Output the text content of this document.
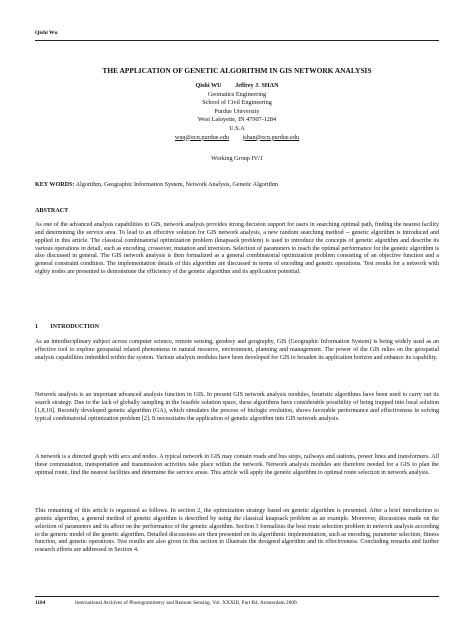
Qishi Wu
THE APPLICATION OF GENETIC ALGORITHM IN GIS NETWORK ANALYSIS
Qishi WU Jeffrey J. SHAN
Geomatics Engineering
School of Civil Engineering
Purdue University
West Lafayette, IN 47907-1284
U.S.A
wuq@ecn.purdue.edu jshan@ecn.purdue.edu
Working Group IV/1
KEY WORDS: Algorithm, Geographic Information System, Network Analysis, Genetic Algorithm
ABSTRACT

As one of the advanced analysis capabilities in GIS, network analysis provides strong decision support for users in searching optimal path, finding the nearest facility and determining the service area. To lead to an effective solution for GIS network analysis, a new random searching method -- genetic algorithm is introduced and applied in this article. The classical combinatorial optimization problem (knapsack problem) is used to introduce the concepts of genetic algorithm and describe its various operations in detail, such as encoding, crossover, mutation and inversion. Selection of parameters to reach the optimal performance for the genetic algorithm is also discussed in general. The GIS network analysis is then formalized as a general combinatorial optimization problem consisting of an objective function and a general constraint condition. The implementation details of this algorithm are discussed in terms of encoding and genetic operations. Test results for a network with eighty nodes are presented to demonstrate the efficiency of the genetic algorithm and its application potential.

1        INTRODUCTION

As an interdisciplinary subject across computer science, remote sensing, geodesy and geography, GIS (Geographic Information System) is being widely used as an effective tool to explore geospatial related phenomena in natural resource, environment, planning and management. The power of the GIS relies on the geospatial analysis capabilities imbedded within the system. Various analysis modules have been developed for GIS to broaden its application horizon and enhance its capability.

Network analysis is an important advanced analysis function in GIS. In present GIS network analysis modules, heuristic algorithms have been used to carry out its search strategy. Due to the lack of globally sampling in the feasible solution space, these algorithms have considerable possibility of being trapped into local solution [1,8,10]. Recently developed genetic algorithm (GA), which simulates the process of biologic evolution, shows favorable performance and effectiveness in solving typical combinatorial optimization problem [2]. It necessitates the application of genetic algorithm into GIS network analysis.

A network is a directed graph with arcs and nodes. A typical network in GIS may contain roads and bus stops, railways and stations, power lines and transformers. All these commutation, transportation and transmission activities take place within the network. Network analysis modules are therefore needed for a GIS to plan the optimal route, find the nearest facilities and determine the service areas. This article will apply the genetic algorithm to optimal route selection in network analysis.

This remaining of this article is organized as follows. In section 2, the optimization strategy based on genetic algorithm is presented. After a brief introduction to genetic algorithm, a general method of genetic algorithm is described by using the classical knapsack problem as an example. Moreover, discussions made on the selection of parameters and its affect on the performance of the genetic algorithm. Section 3 formalizes the best route selection problem in network analysis according to the generic model of the genetic algorithm. Detailed discussions are then presented on its algorithmic implementation, such as encoding, parameter selection, fitness function, and genetic operations. Test results are also given in this section to illustrate the designed algorithm and its effectiveness. Concluding remarks and further research efforts are addressed in Section 4.

1184	International Archives of Photogrammetry and Remote Sensing. Vol. XXXIII, Part B4. Amsterdam 2000.
